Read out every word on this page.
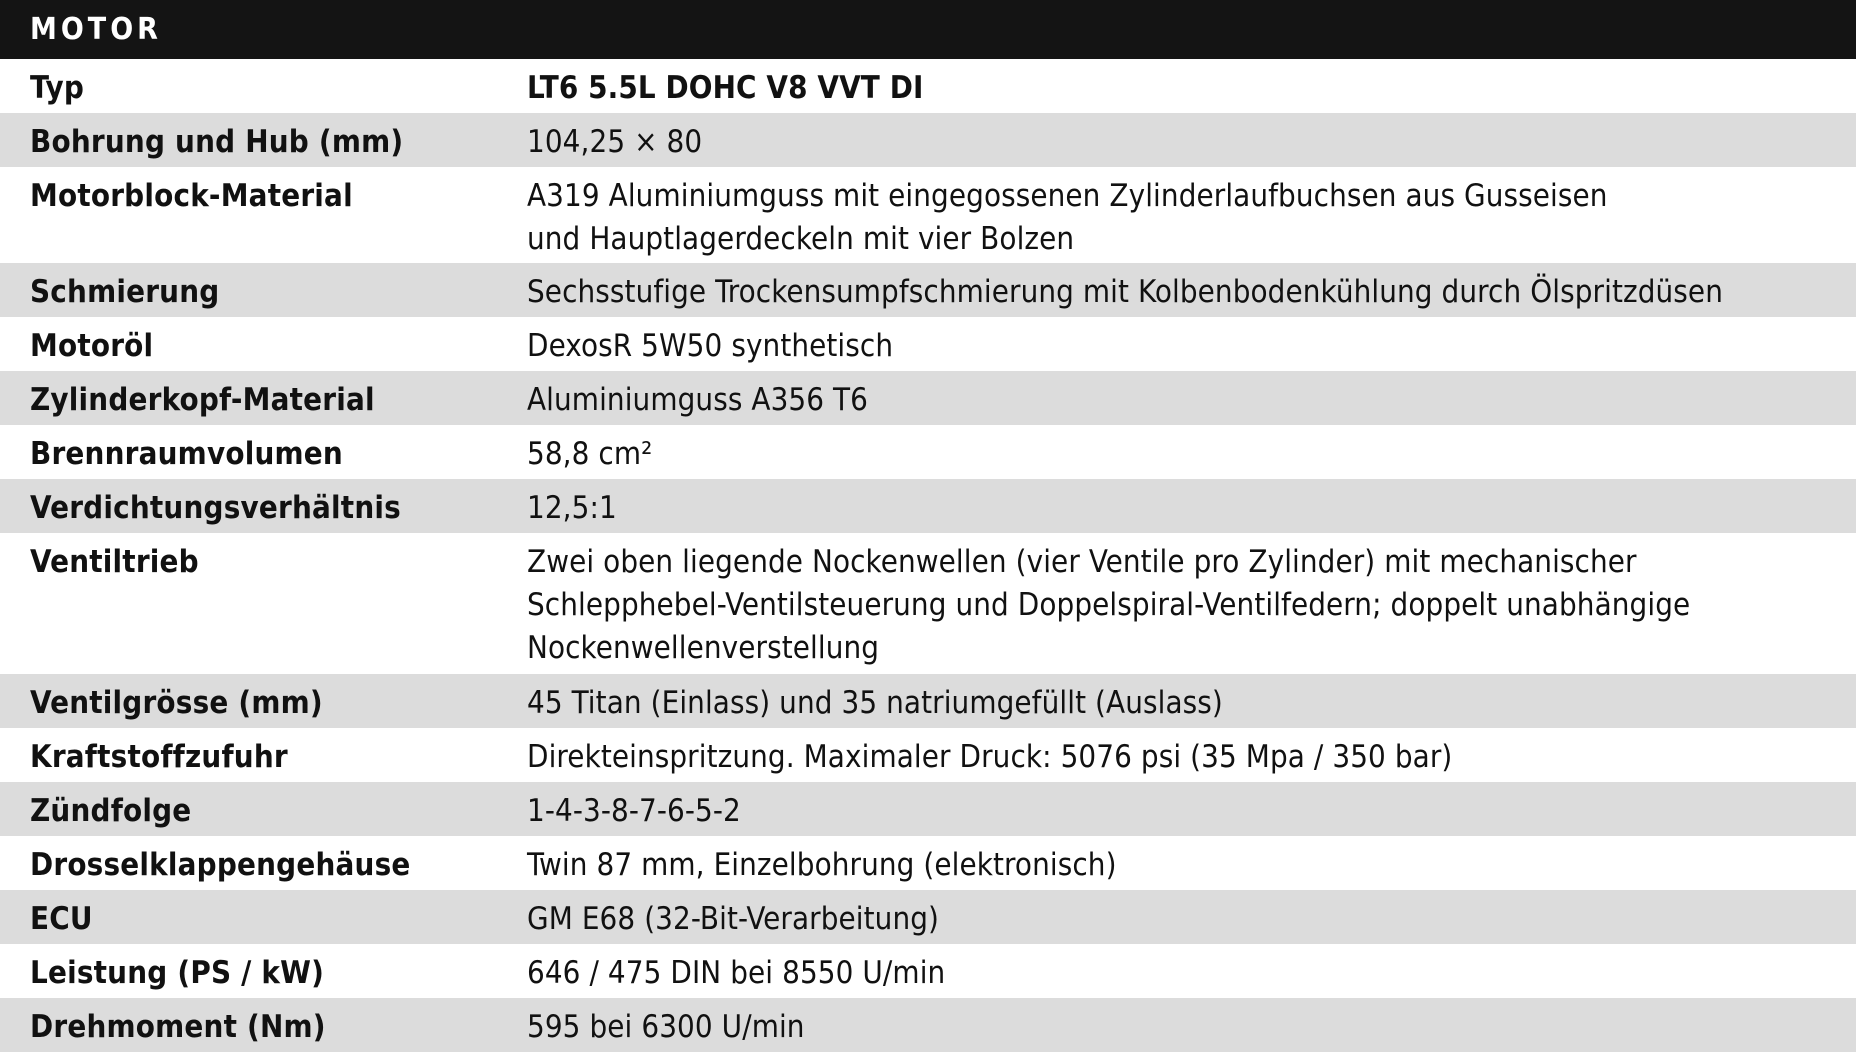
MOTOR
Typ	LT6 5.5L DOHC V8 VVT DI
Bohrung und Hub (mm)	104,25 × 80
Motorblock-Material	A319 Aluminiumguss mit eingegossenen Zylinderlaufbuchsen aus Gusseisen
und Hauptlagerdeckeln mit vier Bolzen
Schmierung	Sechsstufige Trockensumpfschmierung mit Kolbenbodenkühlung durch Ölspritzdüsen
Motoröl	DexosR 5W50 synthetisch
Zylinderkopf-Material	Aluminiumguss A356 T6
Brennraumvolumen	58,8 cm²
Verdichtungsverhältnis	12,5:1
Ventiltrieb	Zwei oben liegende Nockenwellen (vier Ventile pro Zylinder) mit mechanischer
Schlepphebel-Ventilsteuerung und Doppelspiral-Ventilfedern; doppelt unabhängige
Nockenwellenverstellung
Ventilgrösse (mm)	45 Titan (Einlass) und 35 natriumgefüllt (Auslass)
Kraftstoffzufuhr	Direkteinspritzung. Maximaler Druck: 5076 psi (35 Mpa / 350 bar)
Zündfolge	1-4-3-8-7-6-5-2
Drosselklappengehäuse	Twin 87 mm, Einzelbohrung (elektronisch)
ECU	GM E68 (32-Bit-Verarbeitung)
Leistung (PS / kW)	646 / 475 DIN bei 8550 U/min
Drehmoment (Nm)	595 bei 6300 U/min
